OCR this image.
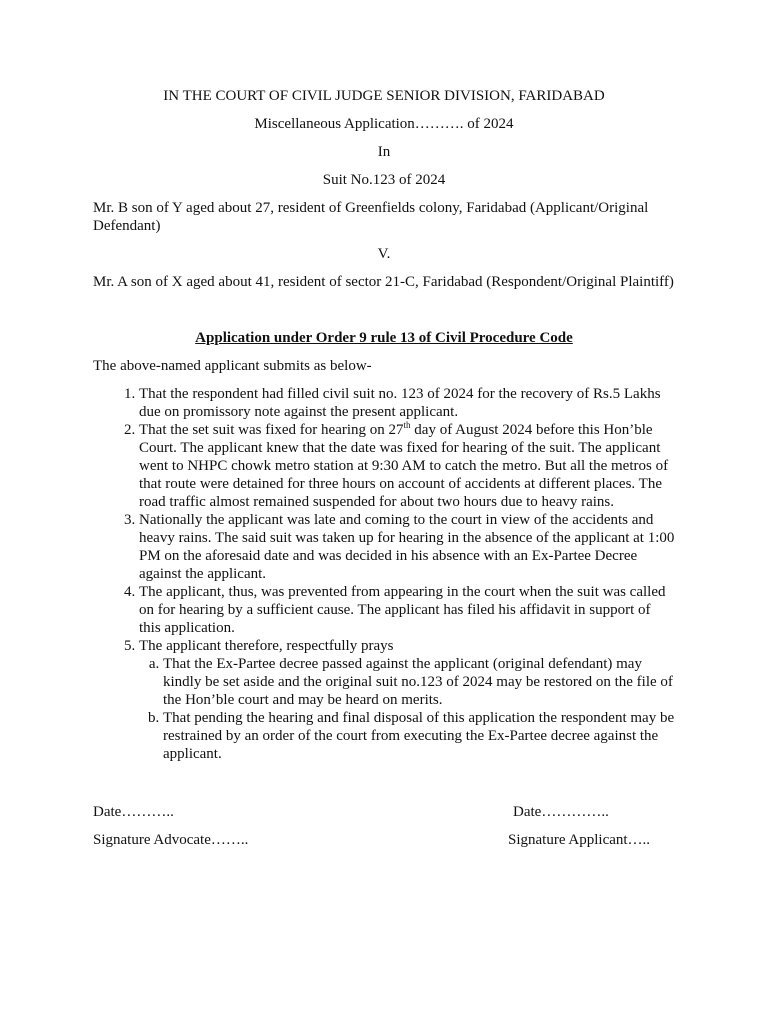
IN THE COURT OF CIVIL JUDGE SENIOR DIVISION, FARIDABAD

Miscellaneous Application………. of 2024

In

Suit No.123 of 2024

Mr. B son of Y aged about 27, resident of Greenfields colony, Faridabad (Applicant/Original Defendant)

V.

Mr. A son of X aged about 41, resident of sector 21-C, Faridabad (Respondent/Original Plaintiff)

Application under Order 9 rule 13 of Civil Procedure Code

The above-named applicant submits as below-

1. That the respondent had filled civil suit no. 123 of 2024 for the recovery of Rs.5 Lakhs due on promissory note against the present applicant.
2. That the set suit was fixed for hearing on 27th day of August 2024 before this Hon’ble Court. The applicant knew that the date was fixed for hearing of the suit. The applicant went to NHPC chowk metro station at 9:30 AM to catch the metro. But all the metros of that route were detained for three hours on account of accidents at different places. The road traffic almost remained suspended for about two hours due to heavy rains.
3. Nationally the applicant was late and coming to the court in view of the accidents and heavy rains. The said suit was taken up for hearing in the absence of the applicant at 1:00 PM on the aforesaid date and was decided in his absence with an Ex-Partee Decree against the applicant.
4. The applicant, thus, was prevented from appearing in the court when the suit was called on for hearing by a sufficient cause. The applicant has filed his affidavit in support of this application.
5. The applicant therefore, respectfully prays
a. That the Ex-Partee decree passed against the applicant (original defendant) may kindly be set aside and the original suit no.123 of 2024 may be restored on the file of the Hon’ble court and may be heard on merits.
b. That pending the hearing and final disposal of this application the respondent may be restrained by an order of the court from executing the Ex-Partee decree against the applicant.
Date………..	Date…………..
Signature Advocate……..	Signature Applicant…..
